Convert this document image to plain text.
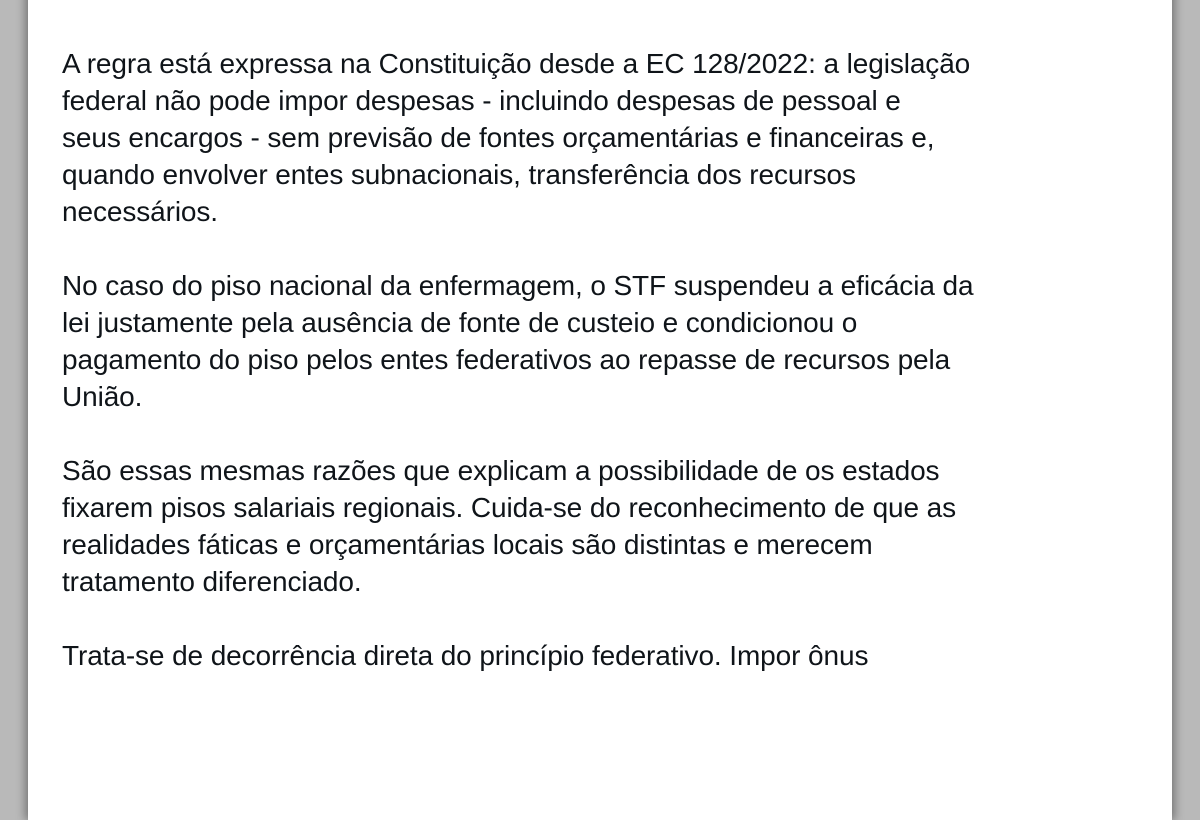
A regra está expressa na Constituição desde a EC 128/2022: a legislação
federal não pode impor despesas - incluindo despesas de pessoal e
seus encargos - sem previsão de fontes orçamentárias e financeiras e,
quando envolver entes subnacionais, transferência dos recursos
necessários.

No caso do piso nacional da enfermagem, o STF suspendeu a eficácia da
lei justamente pela ausência de fonte de custeio e condicionou o
pagamento do piso pelos entes federativos ao repasse de recursos pela
União.

São essas mesmas razões que explicam a possibilidade de os estados
fixarem pisos salariais regionais. Cuida-se do reconhecimento de que as
realidades fáticas e orçamentárias locais são distintas e merecem
tratamento diferenciado.

Trata-se de decorrência direta do princípio federativo. Impor ônus
